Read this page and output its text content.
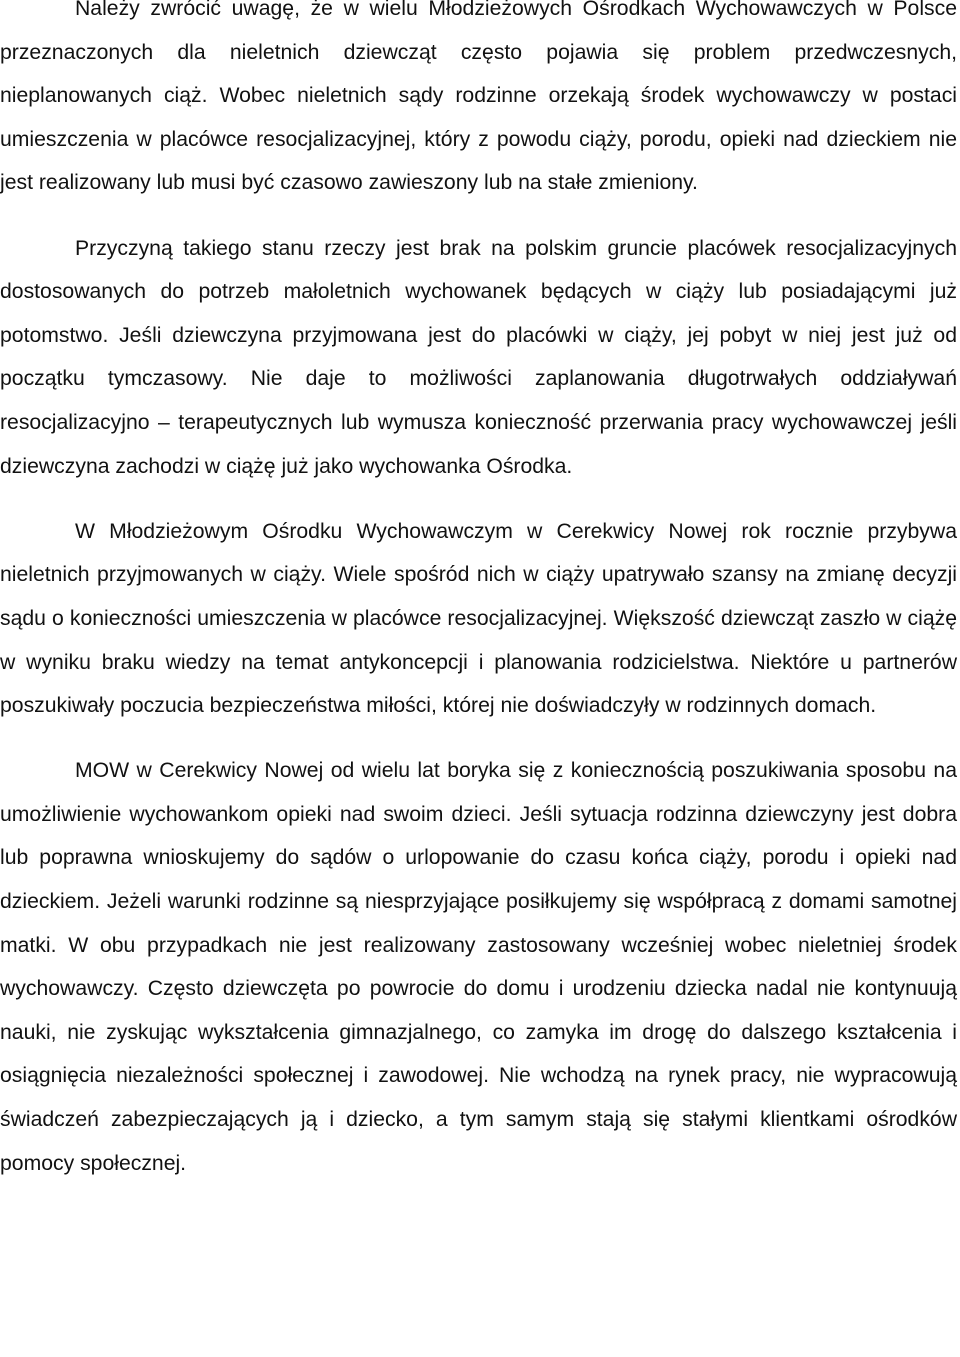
Należy zwrócić uwagę, że w wielu Młodzieżowych Ośrodkach Wychowawczych w Polsce przeznaczonych dla nieletnich dziewcząt często pojawia się problem przedwczesnych, nieplanowanych ciąż. Wobec nieletnich sądy rodzinne orzekają środek wychowawczy w postaci umieszczenia w placówce resocjalizacyjnej, który z powodu ciąży, porodu, opieki nad dzieckiem nie jest realizowany lub musi być czasowo zawieszony lub na stałe zmieniony.

Przyczyną takiego stanu rzeczy jest brak na polskim gruncie placówek resocjalizacyjnych dostosowanych do potrzeb małoletnich wychowanek będących w ciąży lub posiadającymi już potomstwo. Jeśli dziewczyna przyjmowana jest do placówki w ciąży, jej pobyt w niej jest już od początku tymczasowy. Nie daje to możliwości zaplanowania długotrwałych oddziaływań resocjalizacyjno – terapeutycznych lub wymusza konieczność przerwania pracy wychowawczej jeśli dziewczyna zachodzi w ciążę już jako wychowanka Ośrodka.

W Młodzieżowym Ośrodku Wychowawczym w Cerekwicy Nowej rok rocznie przybywa nieletnich przyjmowanych w ciąży. Wiele spośród nich w ciąży upatrywało szansy na zmianę decyzji sądu o konieczności umieszczenia w placówce resocjalizacyjnej. Większość dziewcząt zaszło w ciążę w wyniku braku wiedzy na temat antykoncepcji i planowania rodzicielstwa. Niektóre u partnerów poszukiwały poczucia bezpieczeństwa miłości, której nie doświadczyły w rodzinnych domach.

MOW w Cerekwicy Nowej od wielu lat boryka się z koniecznością poszukiwania sposobu na umożliwienie wychowankom opieki nad swoim dzieci. Jeśli sytuacja rodzinna dziewczyny jest dobra lub poprawna wnioskujemy do sądów o urlopowanie do czasu końca ciąży, porodu i opieki nad dzieckiem. Jeżeli warunki rodzinne są niesprzyjające posiłkujemy się współpracą z domami samotnej matki. W obu przypadkach nie jest realizowany zastosowany wcześniej wobec nieletniej środek wychowawczy. Często dziewczęta po powrocie do domu i urodzeniu dziecka nadal nie kontynuują nauki, nie zyskując wykształcenia gimnazjalnego, co zamyka im drogę do dalszego kształcenia i osiągnięcia niezależności społecznej i zawodowej. Nie wchodzą na rynek pracy, nie wypracowują świadczeń zabezpieczających ją i dziecko, a tym samym stają się stałymi klientkami ośrodków pomocy społecznej.
